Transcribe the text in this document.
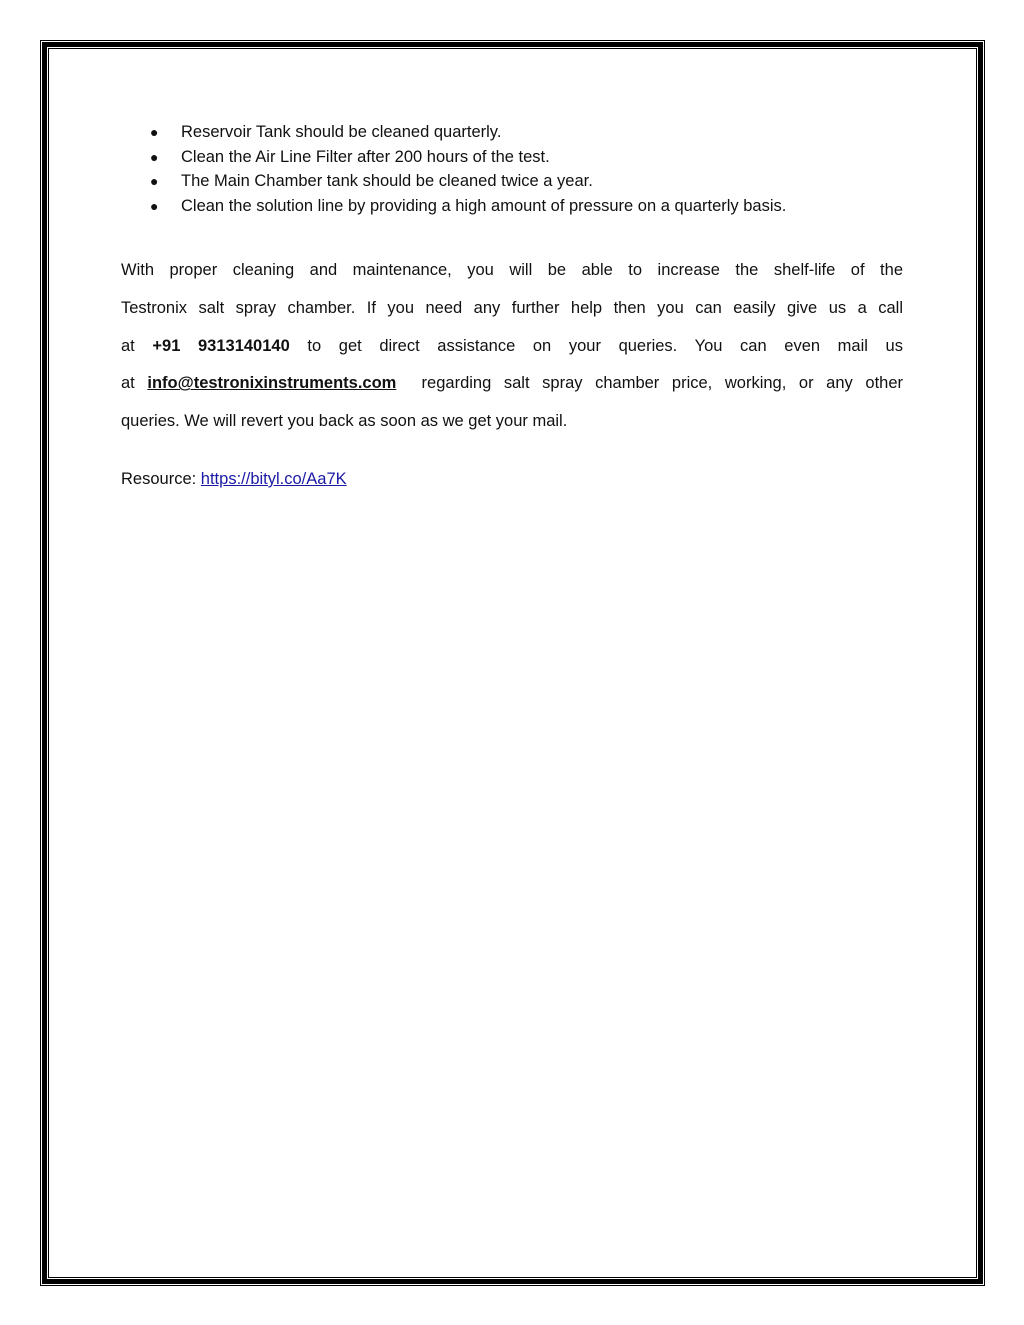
● Reservoir Tank should be cleaned quarterly.
● Clean the Air Line Filter after 200 hours of the test.
● The Main Chamber tank should be cleaned twice a year.
● Clean the solution line by providing a high amount of pressure on a quarterly basis.

With proper cleaning and maintenance, you will be able to increase the shelf-life of the
Testronix salt spray chamber. If you need any further help then you can easily give us a call
at +91 9313140140 to get direct assistance on your queries. You can even mail us
at info@testronixinstruments.com regarding salt spray chamber price, working, or any other
queries. We will revert you back as soon as we get your mail.

Resource: https://bityl.co/Aa7K
